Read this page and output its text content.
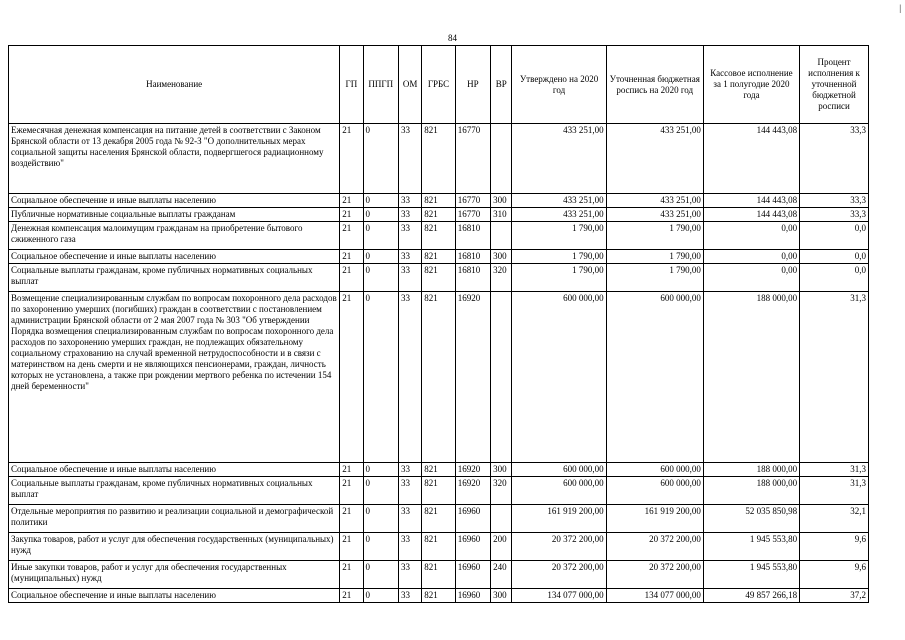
84
|
Наименование	ГП	ППГП	ОМ	ГРБС	НР	ВР	Утверждено на 2020 год	Уточненная бюджетная роспись на 2020 год	Кассовое исполнение за 1 полугодие 2020 года	Процент исполнения к уточненной бюджетной росписи
Ежемесячная денежная компенсация на питание детей в соответствии с Законом Брянской области от 13 декабря 2005 года № 92-З "О дополнительных мерах социальной защиты населения Брянской области, подвергшегося радиационному воздействию"	21	0	33	821	16770		433 251,00	433 251,00	144 443,08	33,3
Социальное обеспечение и иные выплаты населению	21	0	33	821	16770	300	433 251,00	433 251,00	144 443,08	33,3
Публичные нормативные социальные выплаты гражданам	21	0	33	821	16770	310	433 251,00	433 251,00	144 443,08	33,3
Денежная компенсация малоимущим гражданам на приобретение бытового сжиженного газа	21	0	33	821	16810		1 790,00	1 790,00	0,00	0,0
Социальное обеспечение и иные выплаты населению	21	0	33	821	16810	300	1 790,00	1 790,00	0,00	0,0
Социальные выплаты гражданам, кроме публичных нормативных социальных выплат	21	0	33	821	16810	320	1 790,00	1 790,00	0,00	0,0
Возмещение специализированным службам по вопросам похоронного дела расходов по захоронению умерших (погибших) граждан в соответствии с постановлением администрации Брянской области от 2 мая 2007 года № 303 "Об утверждении Порядка возмещения специализированным службам по вопросам похоронного дела расходов по захоронению умерших граждан, не подлежащих обязательному социальному страхованию на случай временной нетрудоспособности и в связи с материнством на день смерти и не являющихся пенсионерами, граждан, личность которых не установлена, а также при рождении мертвого ребенка по истечении 154 дней беременности"	21	0	33	821	16920		600 000,00	600 000,00	188 000,00	31,3
Социальное обеспечение и иные выплаты населению	21	0	33	821	16920	300	600 000,00	600 000,00	188 000,00	31,3
Социальные выплаты гражданам, кроме публичных нормативных социальных выплат	21	0	33	821	16920	320	600 000,00	600 000,00	188 000,00	31,3
Отдельные мероприятия по развитию и реализации социальной и демографической политики	21	0	33	821	16960		161 919 200,00	161 919 200,00	52 035 850,98	32,1
Закупка товаров, работ и услуг для обеспечения государственных (муниципальных) нужд	21	0	33	821	16960	200	20 372 200,00	20 372 200,00	1 945 553,80	9,6
Иные закупки товаров, работ и услуг для обеспечения государственных (муниципальных) нужд	21	0	33	821	16960	240	20 372 200,00	20 372 200,00	1 945 553,80	9,6
Социальное обеспечение и иные выплаты населению	21	0	33	821	16960	300	134 077 000,00	134 077 000,00	49 857 266,18	37,2
